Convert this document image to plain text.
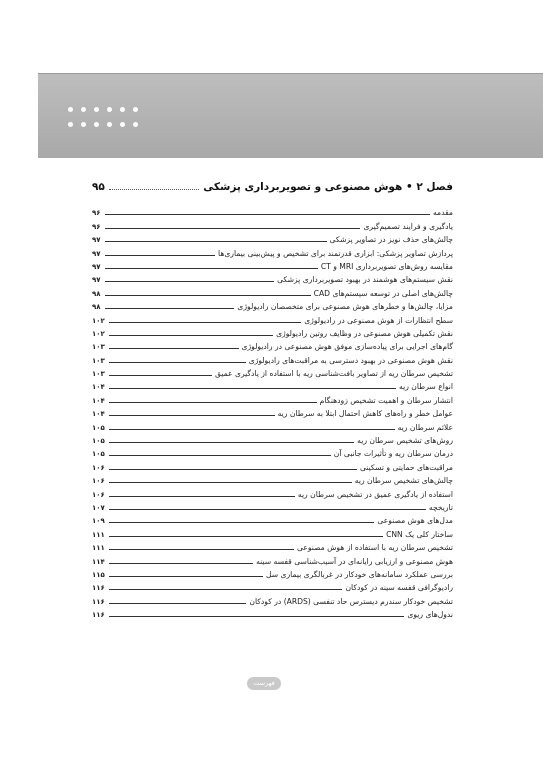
فصل ۲ • هوش مصنوعی و تصویربرداری پزشکی
۹۵
مقدمه
۹۶
یادگیری و فرایند تصمیم‌گیری
۹۶
چالش‌های حذف نویز در تصاویر پزشکی
۹۷
پردازش تصاویر پزشکی: ابزاری قدرتمند برای تشخیص و پیش‌بینی بیماری‌ها
۹۷
مقایسه روش‌های تصویربرداری MRI و CT
۹۷
نقش سیستم‌های هوشمند در بهبود تصویربرداری پزشکی
۹۷
چالش‌های اصلی در توسعه سیستم‌های CAD
۹۸
مزایا، چالش‌ها و خطرهای هوش مصنوعی برای متخصصان رادیولوژی
۹۸
سطح انتظارات از هوش مصنوعی در رادیولوژی
۱۰۲
نقش تکمیلی هوش مصنوعی در وظایف روتین رادیولوژی
۱۰۲
گام‌های اجرایی برای پیاده‌سازی موفق هوش مصنوعی در رادیولوژی
۱۰۳
نقش هوش مصنوعی در بهبود دسترسی به مراقبت‌های رادیولوژی
۱۰۳
تشخیص سرطان ریه از تصاویر بافت‌شناسی ریه با استفاده از یادگیری عمیق
۱۰۳
انواع سرطان ریه
۱۰۴
انتشار سرطان و اهمیت تشخیص زودهنگام
۱۰۴
عوامل خطر و راه‌های کاهش احتمال ابتلا به سرطان ریه
۱۰۴
علائم سرطان ریه
۱۰۵
روش‌های تشخیص سرطان ریه
۱۰۵
درمان سرطان ریه و تأثیرات جانبی آن
۱۰۵
مراقبت‌های حمایتی و تسکینی
۱۰۶
چالش‌های تشخیص سرطان ریه
۱۰۶
استفاده از یادگیری عمیق در تشخیص سرطان ریه
۱۰۶
تاریخچه
۱۰۷
مدل‌های هوش مصنوعی
۱۰۹
ساختار کلی یک CNN
۱۱۱
تشخیص سرطان ریه با استفاده از هوش مصنوعی
۱۱۱
هوش مصنوعی و ارزیابی رایانه‌ای در آسیب‌شناسی قفسه سینه
۱۱۴
بررسی عملکرد سامانه‌های خودکار در غربالگری بیماری سل
۱۱۵
رادیوگرافی قفسه سینه در کودکان
۱۱۶
تشخیص خودکار سندرم دیسترس حاد تنفسی (ARDS) در کودکان
۱۱۶
ندول‌های ریوی
۱۱۶
فهرست
